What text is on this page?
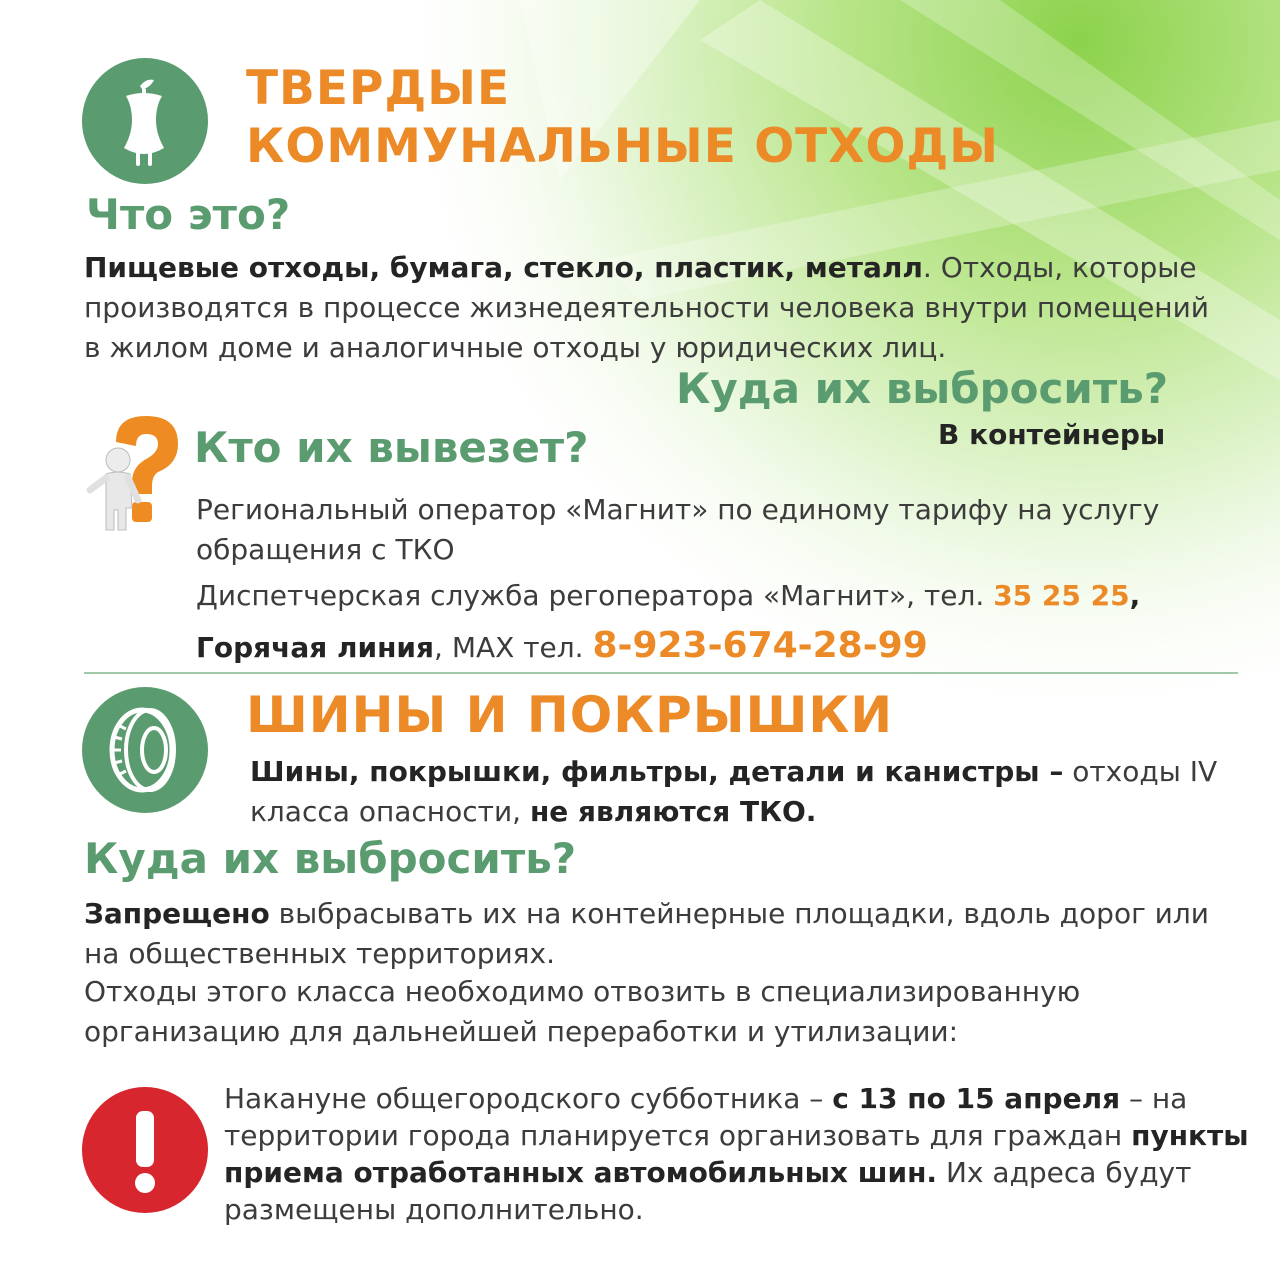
ТВЕРДЫЕ
КОММУНАЛЬНЫЕ ОТХОДЫ
Что это?

Пищевые отходы, бумага, стекло, пластик, металл. Отходы, которые производятся в процессе жизнедеятельности человека внутри помещений в жилом доме и аналогичные отходы у юридических лиц.

Куда их выбросить?
В контейнеры
Кто их вывезет?

Региональный оператор «Магнит» по единому тарифу на услугу обращения с ТКО

Диспетчерская служба регоператора «Магнит», тел. 35 25 25,

Горячая линия, MAX тел. 8-923-674-28-99

ШИНЫ И ПОКРЫШКИ

Шины, покрышки, фильтры, детали и канистры – отходы IV класса опасности, не являются ТКО.

Куда их выбросить?

Запрещено выбрасывать их на контейнерные площадки, вдоль дорог или на общественных территориях.

Отходы этого класса необходимо отвозить в специализированную организацию для дальнейшей переработки и утилизации:

Накануне общегородского субботника – с 13 по 15 апреля – на территории города планируется организовать для граждан пункты приема отработанных автомобильных шин. Их адреса будут размещены дополнительно.
